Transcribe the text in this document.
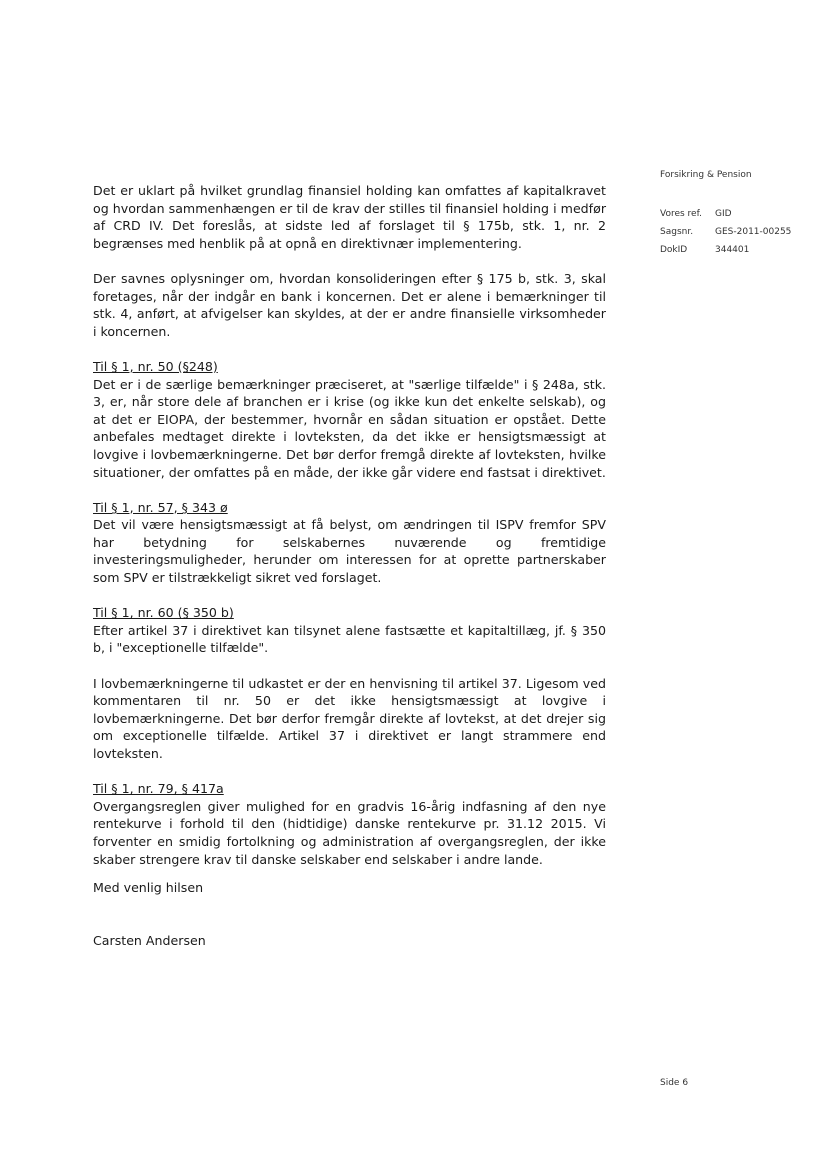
Forsikring & Pension
Vores ref.	GID
Sagsnr.	GES-2011-00255
DokID	344401
Det er uklart på hvilket grundlag finansiel holding kan omfattes af kapitalkravet og hvordan sammenhængen er til de krav der stilles til finansiel holding i medfør af CRD IV. Det foreslås, at sidste led af forslaget til § 175b, stk. 1, nr. 2 begrænses med henblik på at opnå en direktivnær implementering.
Der savnes oplysninger om, hvordan konsolideringen efter § 175 b, stk. 3, skal foretages, når der indgår en bank i koncernen. Det er alene i bemærkninger til stk. 4, anført, at afvigelser kan skyldes, at der er andre finansielle virksomheder i koncernen.
Til § 1, nr. 50 (§248)
Det er i de særlige bemærkninger præciseret, at "særlige tilfælde" i § 248a, stk. 3, er, når store dele af branchen er i krise (og ikke kun det enkelte selskab), og at det er EIOPA, der bestemmer, hvornår en sådan situation er opstået. Dette anbefales medtaget direkte i lovteksten, da det ikke er hensigtsmæssigt at lovgive i lovbemærkningerne. Det bør derfor fremgå direkte af lovteksten, hvilke situationer, der omfattes på en måde, der ikke går videre end fastsat i direktivet.
Til § 1, nr. 57, § 343 ø
Det vil være hensigtsmæssigt at få belyst, om ændringen til ISPV fremfor SPV har betydning for selskabernes nuværende og fremtidige investeringsmuligheder, herunder om interessen for at oprette partnerskaber som SPV er tilstrækkeligt sikret ved forslaget.
Til § 1, nr. 60 (§ 350 b)
Efter artikel 37 i direktivet kan tilsynet alene fastsætte et kapitaltillæg, jf. § 350 b, i "exceptionelle tilfælde".
I lovbemærkningerne til udkastet er der en henvisning til artikel 37. Ligesom ved kommentaren til nr. 50 er det ikke hensigtsmæssigt at lovgive i lovbemærkningerne. Det bør derfor fremgår direkte af lovtekst, at det drejer sig om exceptionelle tilfælde. Artikel 37 i direktivet er langt strammere end lovteksten.
Til § 1, nr. 79, § 417a
Overgangsreglen giver mulighed for en gradvis 16-årig indfasning af den nye rentekurve i forhold til den (hidtidige) danske rentekurve pr. 31.12 2015. Vi forventer en smidig fortolkning og administration af overgangsreglen, der ikke skaber strengere krav til danske selskaber end selskaber i andre lande.
Med venlig hilsen
Carsten Andersen
Side 6
